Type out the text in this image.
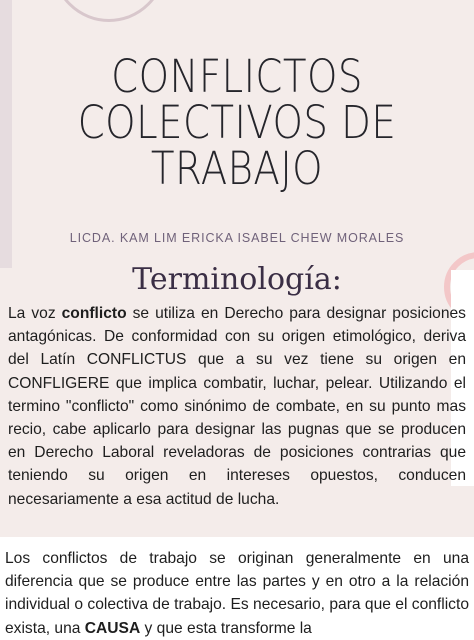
CONFLICTOS
COLECTIVOS DE
TRABAJO
LICDA. KAM LIM ERICKA ISABEL CHEW MORALES
Terminología:

La voz conflicto se utiliza en Derecho para designar posiciones antagónicas. De conformidad con su origen etimológico, deriva del Latín CONFLICTUS que a su vez tiene su origen en CONFLIGERE que implica combatir, luchar, pelear. Utilizando el termino "conflicto" como sinónimo de combate, en su punto mas recio, cabe aplicarlo para designar las pugnas que se producen en Derecho Laboral reveladoras de posiciones contrarias que teniendo su origen en intereses opuestos, conducen necesariamente a esa actitud de lucha.

Los conflictos de trabajo se originan generalmente en una diferencia que se produce entre las partes y en otro a la relación individual o colectiva de trabajo. Es necesario, para que el conflicto exista, una CAUSA y que esta transforme la
